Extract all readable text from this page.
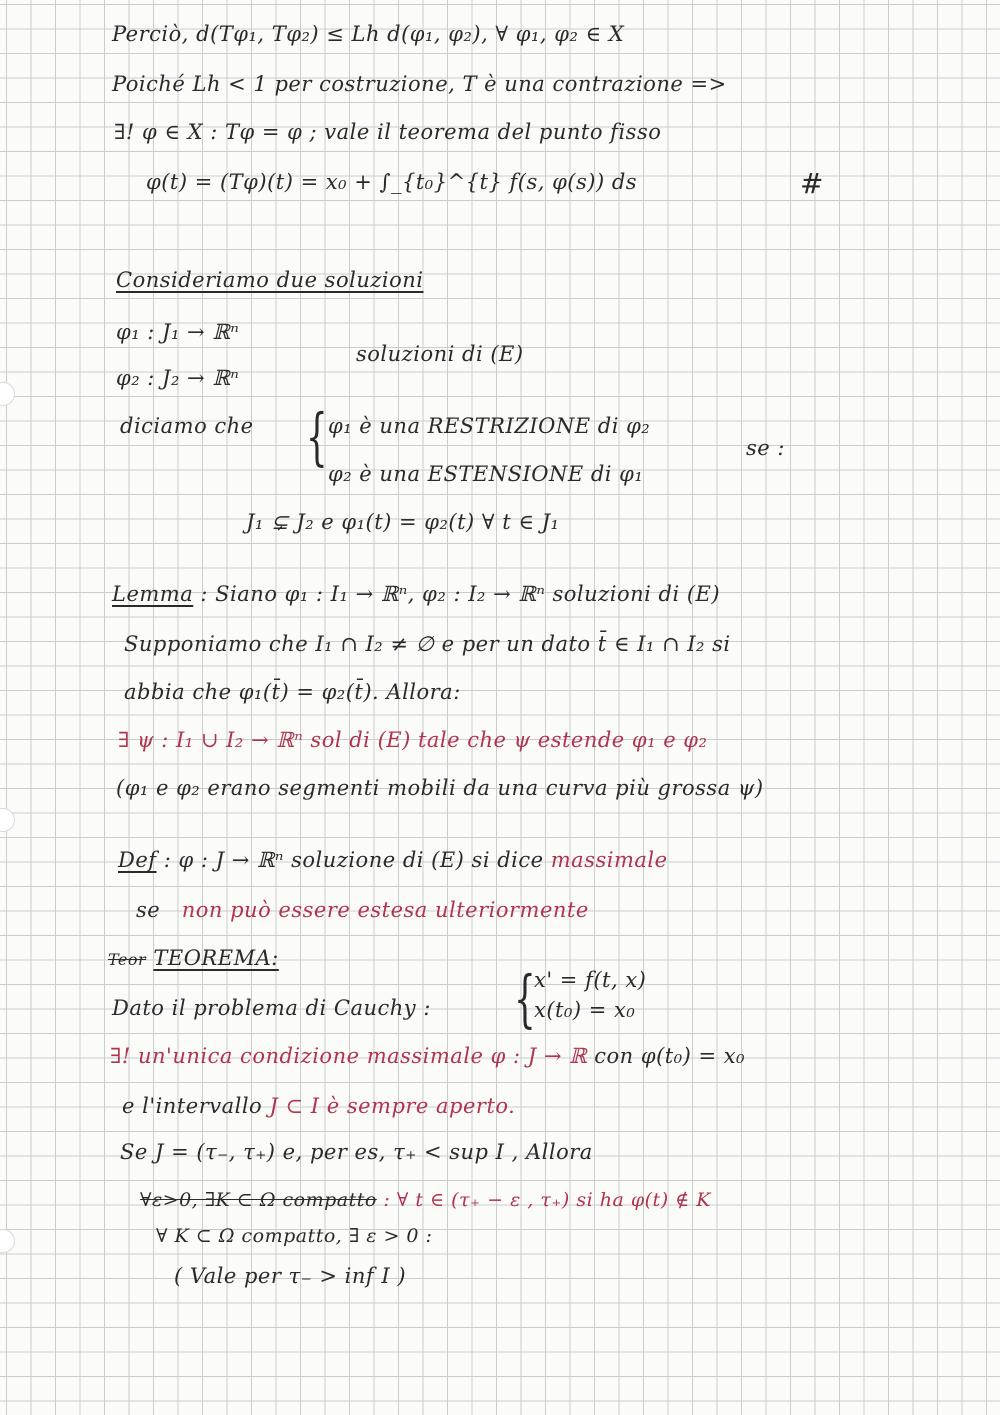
Perciò, d(Tφ₁, Tφ₂) ≤ Lh d(φ₁, φ₂), ∀ φ₁, φ₂ ∈ X
Poiché Lh < 1 per costruzione, T è una contrazione =>
∃! φ ∈ X : Tφ = φ ; vale il teorema del punto fisso
φ(t) = (Tφ)(t) = x₀ + ∫_{t₀}^{t} f(s, φ(s)) ds	#
Consideriamo due soluzioni
φ₁ : J₁ → ℝⁿ
φ₂ : J₂ → ℝⁿ
soluzioni di (E)
diciamo che { φ₁ è una RESTRIZIONE di φ₂
φ₂ è una ESTENSIONE di φ₁
se :
J₁ ⊊ J₂ e φ₁(t) = φ₂(t) ∀ t ∈ J₁
Lemma : Siano φ₁ : I₁ → ℝⁿ, φ₂ : I₂ → ℝⁿ soluzioni di (E)
Supponiamo che I₁ ∩ I₂ ≠ ∅ e per un dato t̄ ∈ I₁ ∩ I₂ si
abbia che φ₁(t̄) = φ₂(t̄). Allora:
∃ ψ : I₁ ∪ I₂ → ℝⁿ sol di (E) tale che ψ estende φ₁ e φ₂
(φ₁ e φ₂ erano segmenti mobili da una curva più grossa ψ)
Def : φ : J → ℝⁿ soluzione di (E) si dice massimale
se non può essere estesa ulteriormente
Teor TEOREMA:
Dato il problema di Cauchy : {
x' = f(t, x)
x(t₀) = x₀
∃! un'unica condizione massimale φ : J → ℝ con φ(t₀) = x₀
e l'intervallo J ⊂ I è sempre aperto.
Se J = (τ₋, τ₊) e, per es, τ₊ < sup I , Allora
∀ε>0, ∃K ⊂ Ω compatto : ∀ t ∈ (τ₊ − ε , τ₊) si ha φ(t) ∉ K
∀ K ⊂ Ω compatto, ∃ ε > 0 :
( Vale per τ₋ > inf I )
